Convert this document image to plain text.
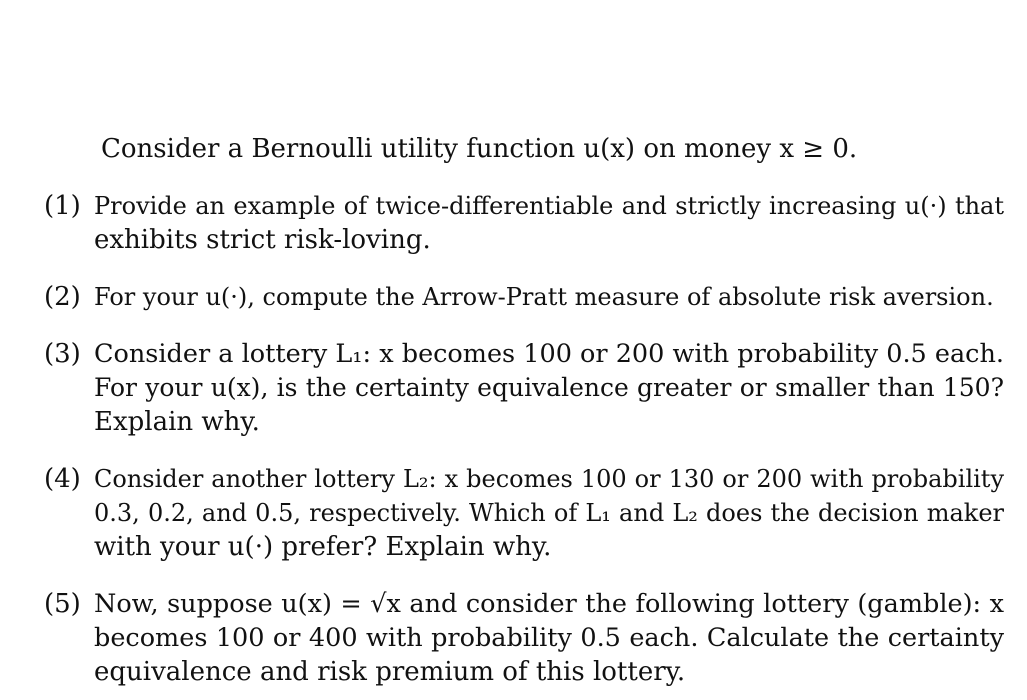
Consider a Bernoulli utility function u(x) on money x ≥ 0.
(1) Provide an example of twice-differentiable and strictly increasing u(·) that
exhibits strict risk-loving.
(2) For your u(·), compute the Arrow-Pratt measure of absolute risk aversion.
(3) Consider a lottery L₁: x becomes 100 or 200 with probability 0.5 each.
For your u(x), is the certainty equivalence greater or smaller than 150?
Explain why.
(4) Consider another lottery L₂: x becomes 100 or 130 or 200 with probability
0.3, 0.2, and 0.5, respectively. Which of L₁ and L₂ does the decision maker
with your u(·) prefer? Explain why.
(5) Now, suppose u(x) = √x and consider the following lottery (gamble): x
becomes 100 or 400 with probability 0.5 each. Calculate the certainty
equivalence and risk premium of this lottery.
